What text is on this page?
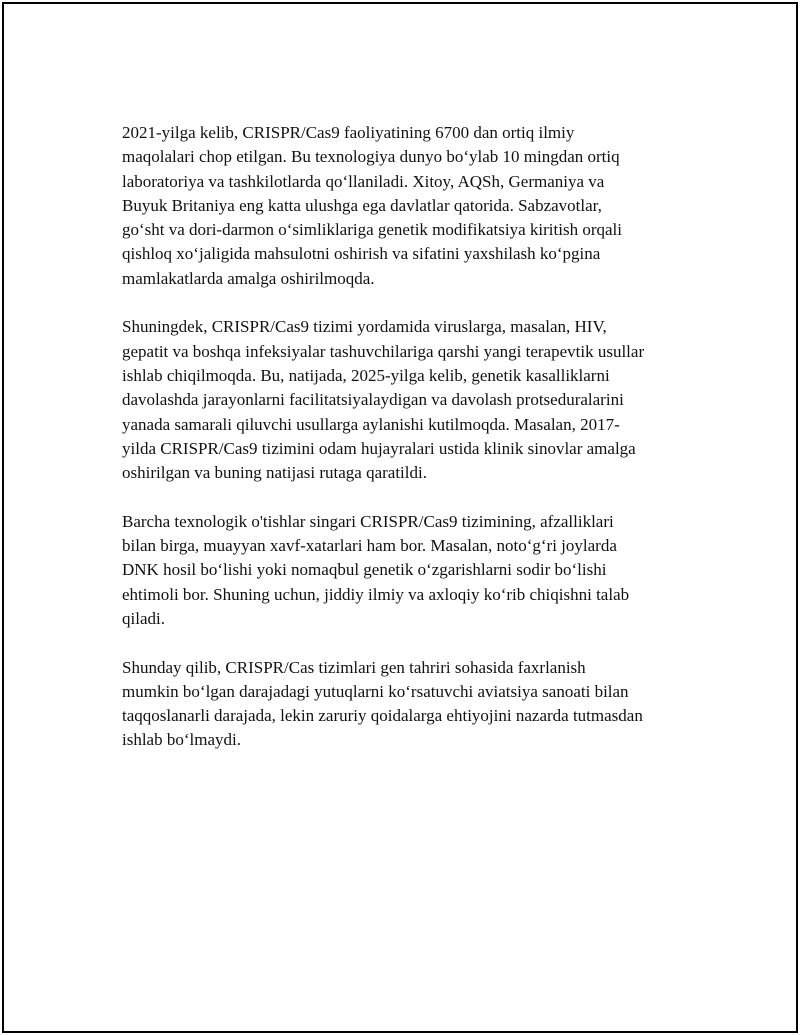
2021-yilga kelib, CRISPR/Cas9 faoliyatining 6700 dan ortiq ilmiy
maqolalari chop etilgan. Bu texnologiya dunyo bo‘ylab 10 mingdan ortiq
laboratoriya va tashkilotlarda qo‘llaniladi. Xitoy, AQSh, Germaniya va
Buyuk Britaniya eng katta ulushga ega davlatlar qatorida. Sabzavotlar,
go‘sht va dori-darmon o‘simliklariga genetik modifikatsiya kiritish orqali
qishloq xo‘jaligida mahsulotni oshirish va sifatini yaxshilash ko‘pgina
mamlakatlarda amalga oshirilmoqda.

Shuningdek, CRISPR/Cas9 tizimi yordamida viruslarga, masalan, HIV,
gepatit va boshqa infeksiyalar tashuvchilariga qarshi yangi terapevtik usullar
ishlab chiqilmoqda. Bu, natijada, 2025-yilga kelib, genetik kasalliklarni
davolashda jarayonlarni facilitatsiyalaydigan va davolash protseduralarini
yanada samarali qiluvchi usullarga aylanishi kutilmoqda. Masalan, 2017-
yilda CRISPR/Cas9 tizimini odam hujayralari ustida klinik sinovlar amalga
oshirilgan va buning natijasi rutaga qaratildi.

Barcha texnologik o'tishlar singari CRISPR/Cas9 tizimining, afzalliklari
bilan birga, muayyan xavf-xatarlari ham bor. Masalan, noto‘g‘ri joylarda
DNK hosil bo‘lishi yoki nomaqbul genetik o‘zgarishlarni sodir bo‘lishi
ehtimoli bor. Shuning uchun, jiddiy ilmiy va axloqiy ko‘rib chiqishni talab
qiladi.

Shunday qilib, CRISPR/Cas tizimlari gen tahriri sohasida faxrlanish
mumkin bo‘lgan darajadagi yutuqlarni ko‘rsatuvchi aviatsiya sanoati bilan
taqqoslanarli darajada, lekin zaruriy qoidalarga ehtiyojini nazarda tutmasdan
ishlab bo‘lmaydi.
